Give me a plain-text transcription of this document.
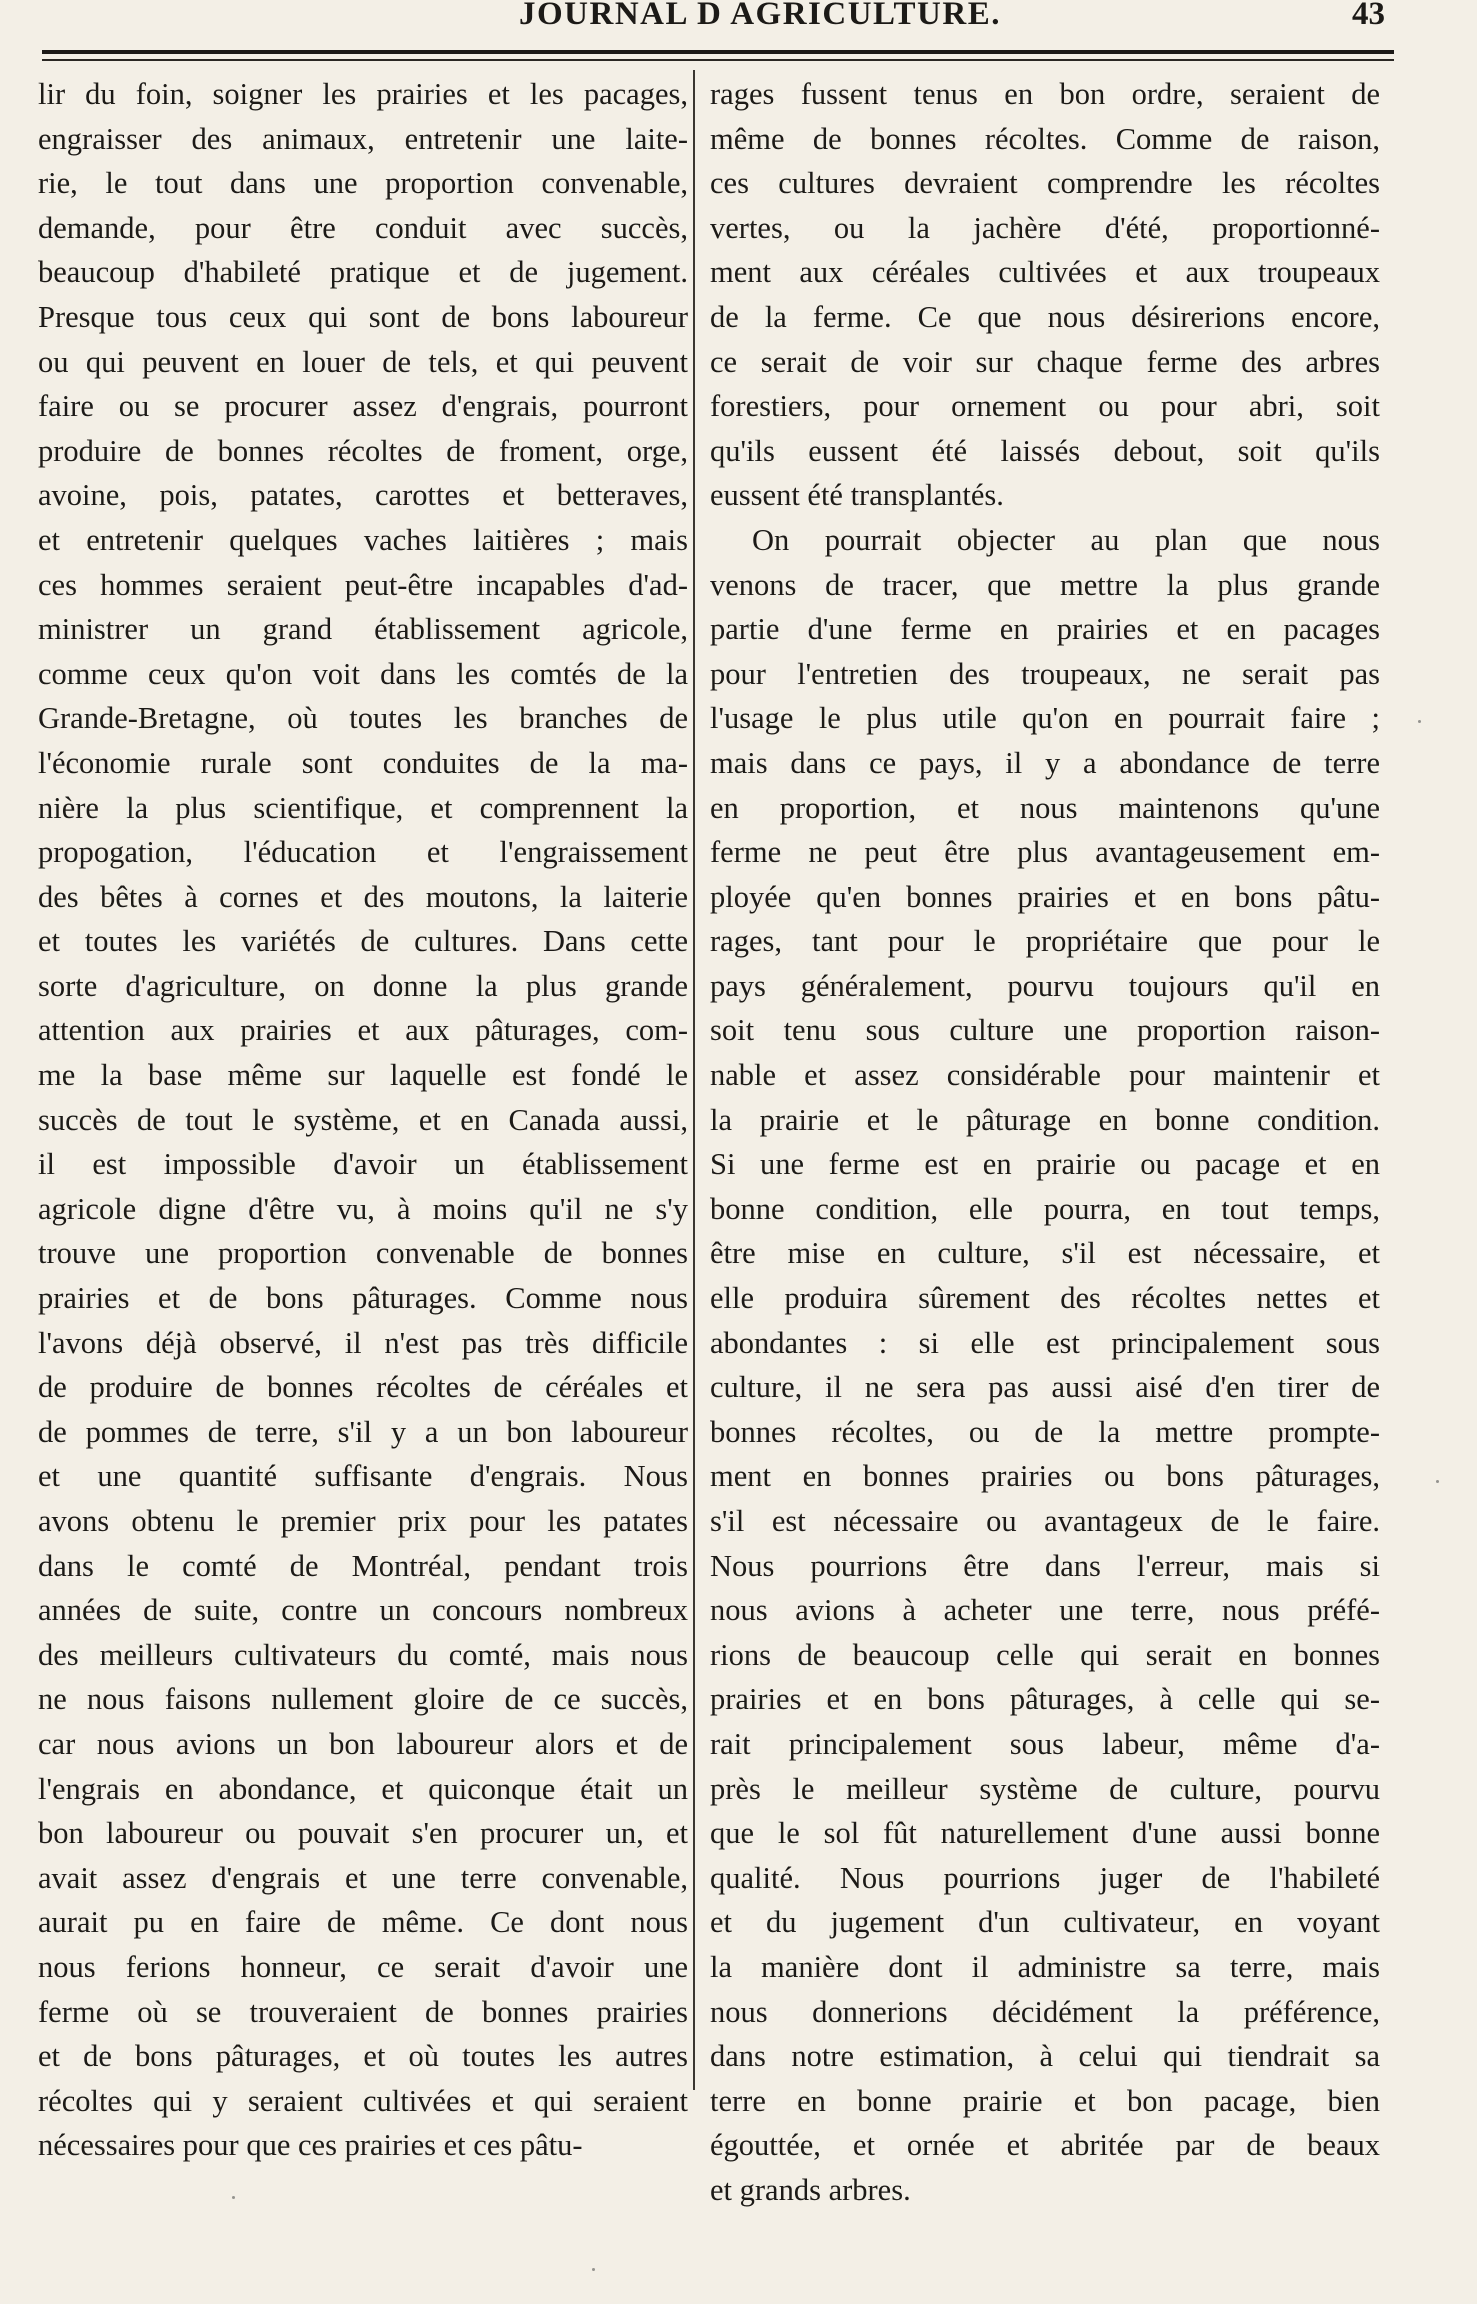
JOURNAL D AGRICULTURE.	43
lir du foin, soigner les prairies et les pacages,
engraisser des animaux, entretenir une laite-
rie, le tout dans une proportion convenable,
demande, pour être conduit avec succès,
beaucoup d'habileté pratique et de jugement.
Presque tous ceux qui sont de bons laboureur
ou qui peuvent en louer de tels, et qui peuvent
faire ou se procurer assez d'engrais, pourront
produire de bonnes récoltes de froment, orge,
avoine, pois, patates, carottes et betteraves,
et entretenir quelques vaches laitières ; mais
ces hommes seraient peut-être incapables d'ad-
ministrer un grand établissement agricole,
comme ceux qu'on voit dans les comtés de la
Grande-Bretagne, où toutes les branches de
l'économie rurale sont conduites de la ma-
nière la plus scientifique, et comprennent la
propogation, l'éducation et l'engraissement
des bêtes à cornes et des moutons, la laiterie
et toutes les variétés de cultures. Dans cette
sorte d'agriculture, on donne la plus grande
attention aux prairies et aux pâturages, com-
me la base même sur laquelle est fondé le
succès de tout le système, et en Canada aussi,
il est impossible d'avoir un établissement
agricole digne d'être vu, à moins qu'il ne s'y
trouve une proportion convenable de bonnes
prairies et de bons pâturages. Comme nous
l'avons déjà observé, il n'est pas très difficile
de produire de bonnes récoltes de céréales et
de pommes de terre, s'il y a un bon laboureur
et une quantité suffisante d'engrais. Nous
avons obtenu le premier prix pour les patates
dans le comté de Montréal, pendant trois
années de suite, contre un concours nombreux
des meilleurs cultivateurs du comté, mais nous
ne nous faisons nullement gloire de ce succès,
car nous avions un bon laboureur alors et de
l'engrais en abondance, et quiconque était un
bon laboureur ou pouvait s'en procurer un, et
avait assez d'engrais et une terre convenable,
aurait pu en faire de même. Ce dont nous
nous ferions honneur, ce serait d'avoir une
ferme où se trouveraient de bonnes prairies
et de bons pâturages, et où toutes les autres
récoltes qui y seraient cultivées et qui seraient
nécessaires pour que ces prairies et ces pâtu-
rages fussent tenus en bon ordre, seraient de
même de bonnes récoltes. Comme de raison,
ces cultures devraient comprendre les récoltes
vertes, ou la jachère d'été, proportionné-
ment aux céréales cultivées et aux troupeaux
de la ferme. Ce que nous désirerions encore,
ce serait de voir sur chaque ferme des arbres
forestiers, pour ornement ou pour abri, soit
qu'ils eussent été laissés debout, soit qu'ils
eussent été transplantés.
On pourrait objecter au plan que nous
venons de tracer, que mettre la plus grande
partie d'une ferme en prairies et en pacages
pour l'entretien des troupeaux, ne serait pas
l'usage le plus utile qu'on en pourrait faire ;
mais dans ce pays, il y a abondance de terre
en proportion, et nous maintenons qu'une
ferme ne peut être plus avantageusement em-
ployée qu'en bonnes prairies et en bons pâtu-
rages, tant pour le propriétaire que pour le
pays généralement, pourvu toujours qu'il en
soit tenu sous culture une proportion raison-
nable et assez considérable pour maintenir et
la prairie et le pâturage en bonne condition.
Si une ferme est en prairie ou pacage et en
bonne condition, elle pourra, en tout temps,
être mise en culture, s'il est nécessaire, et
elle produira sûrement des récoltes nettes et
abondantes : si elle est principalement sous
culture, il ne sera pas aussi aisé d'en tirer de
bonnes récoltes, ou de la mettre prompte-
ment en bonnes prairies ou bons pâturages,
s'il est nécessaire ou avantageux de le faire.
Nous pourrions être dans l'erreur, mais si
nous avions à acheter une terre, nous préfé-
rions de beaucoup celle qui serait en bonnes
prairies et en bons pâturages, à celle qui se-
rait principalement sous labeur, même d'a-
près le meilleur système de culture, pourvu
que le sol fût naturellement d'une aussi bonne
qualité. Nous pourrions juger de l'habileté
et du jugement d'un cultivateur, en voyant
la manière dont il administre sa terre, mais
nous donnerions décidément la préférence,
dans notre estimation, à celui qui tiendrait sa
terre en bonne prairie et bon pacage, bien
égouttée, et ornée et abritée par de beaux
et grands arbres.
